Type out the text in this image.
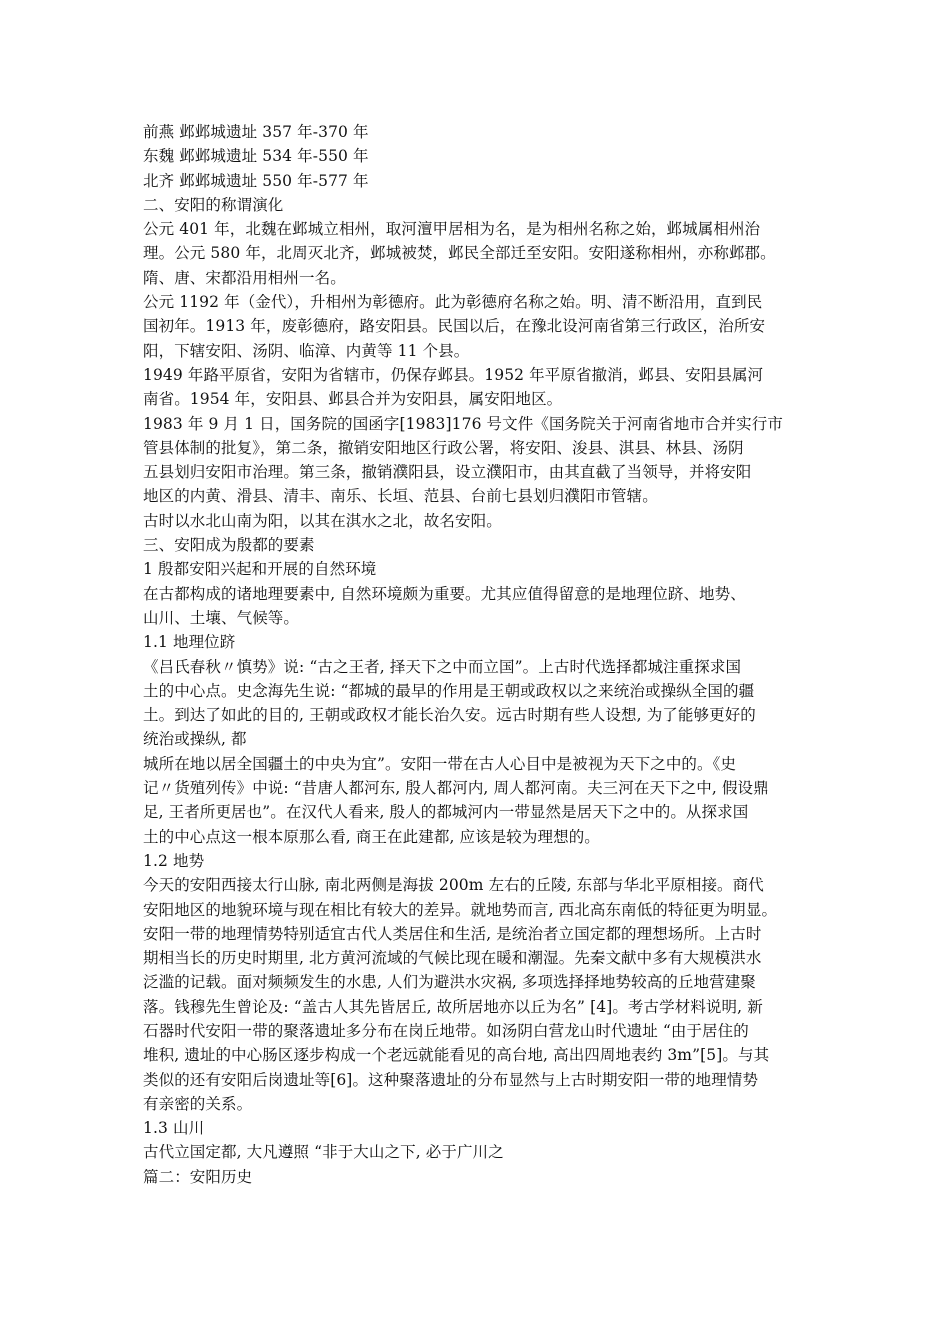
前燕 邺邺城遗址 357 年-370 年
东魏 邺邺城遗址 534 年-550 年
北齐 邺邺城遗址 550 年-577 年
二、安阳的称谓演化
公元 401 年，北魏在邺城立相州，取河澶甲居相为名，是为相州名称之始，邺城属相州治
理。公元 580 年，北周灭北齐，邺城被焚，邺民全部迁至安阳。安阳遂称相州，亦称邺郡。
隋、唐、宋都沿用相州一名。
公元 1192 年（金代），升相州为彰德府。此为彰德府名称之始。明、清不断沿用，直到民
国初年。1913 年，废彰德府，路安阳县。民国以后，在豫北设河南省第三行政区，治所安
阳，下辖安阳、汤阴、临漳、内黄等 11 个县。
1949 年路平原省，安阳为省辖市，仍保存邺县。1952 年平原省撤消，邺县、安阳县属河
南省。1954 年，安阳县、邺县合并为安阳县，属安阳地区。
1983 年 9 月 1 日，国务院的国函字[1983]176 号文件《国务院关于河南省地市合并实行市
管县体制的批复》，第二条，撤销安阳地区行政公署，将安阳、浚县、淇县、林县、汤阴
五县划归安阳市治理。第三条，撤销濮阳县，设立濮阳市，由其直截了当领导，并将安阳
地区的内黄、滑县、清丰、南乐、长垣、范县、台前七县划归濮阳市管辖。
古时以水北山南为阳，以其在淇水之北，故名安阳。
三、安阳成为殷都的要素
1 殷都安阳兴起和开展的自然环境
在古都构成的诸地理要素中, 自然环境颇为重要。尤其应值得留意的是地理位跻、地势、
山川、土壤、气候等。
1.1 地理位跻
《吕氏春秋〃慎势》说: “古之王者, 择天下之中而立国”。上古时代选择都城注重探求国
土的中心点。史念海先生说: “都城的最早的作用是王朝或政权以之来统治或操纵全国的疆
土。到达了如此的目的, 王朝或政权才能长治久安。远古时期有些人设想, 为了能够更好的
统治或操纵, 都
城所在地以居全国疆土的中央为宜”。安阳一带在古人心目中是被视为天下之中的。《史
记〃货殖列传》中说: “昔唐人都河东, 殷人都河内, 周人都河南。夫三河在天下之中, 假设鼎
足, 王者所更居也”。在汉代人看来, 殷人的都城河内一带显然是居天下之中的。从探求国
土的中心点这一根本原那么看, 商王在此建都, 应该是较为理想的。
1.2 地势
今天的安阳西接太行山脉, 南北两侧是海拔 200m 左右的丘陵, 东部与华北平原相接。商代
安阳地区的地貌环境与现在相比有较大的差异。就地势而言, 西北高东南低的特征更为明显。
安阳一带的地理情势特别适宜古代人类居住和生活, 是统治者立国定都的理想场所。上古时
期相当长的历史时期里, 北方黄河流域的气候比现在暖和潮湿。先秦文献中多有大规模洪水
泛滥的记载。面对频频发生的水患, 人们为避洪水灾祸, 多项选择择地势较高的丘地营建聚
落。钱穆先生曾论及: “盖古人其先皆居丘, 故所居地亦以丘为名” [4]。考古学材料说明, 新
石器时代安阳一带的聚落遗址多分布在岗丘地带。如汤阴白营龙山时代遗址 “由于居住的
堆积, 遗址的中心肠区逐步构成一个老远就能看见的高台地, 高出四周地表约 3m”[5]。与其
类似的还有安阳后岗遗址等[6]。这种聚落遗址的分布显然与上古时期安阳一带的地理情势
有亲密的关系。
1.3 山川
古代立国定都, 大凡遵照 “非于大山之下, 必于广川之
篇二：安阳历史
